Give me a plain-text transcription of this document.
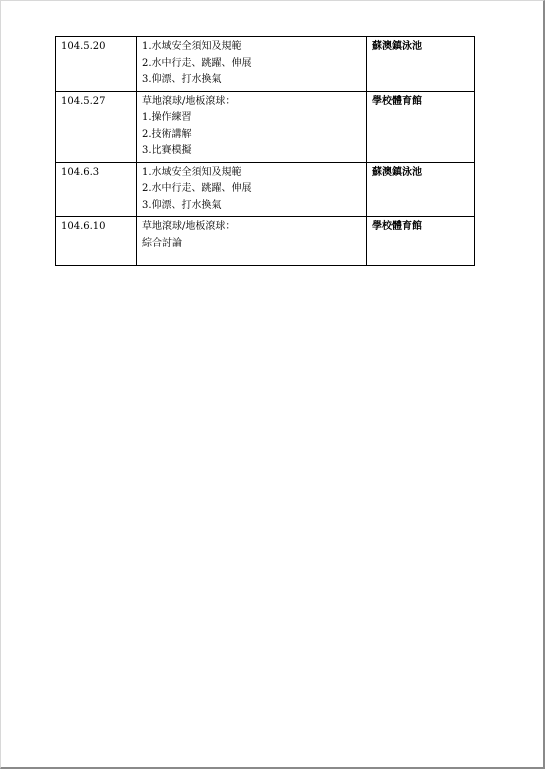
104.5.20	1.水域安全須知及規範
2.水中行走、跳躍、伸展
3.仰漂、打水換氣	蘇澳鎮泳池
104.5.27	草地滾球/地板滾球：
1.操作練習
2.技術講解
3.比賽模擬	學校體育館
104.6.3	1.水域安全須知及規範
2.水中行走、跳躍、伸展
3.仰漂、打水換氣	蘇澳鎮泳池
104.6.10	草地滾球/地板滾球：
綜合討論	學校體育館
